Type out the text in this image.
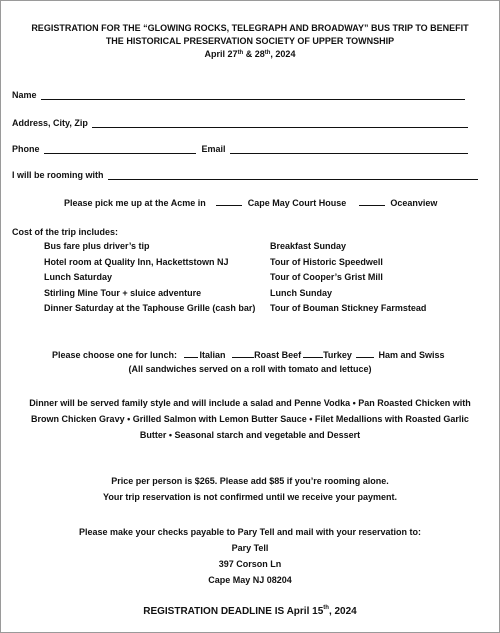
REGISTRATION FOR THE “GLOWING ROCKS, TELEGRAPH AND BROADWAY” BUS TRIP TO BENEFIT
THE HISTORICAL PRESERVATION SOCIETY OF UPPER TOWNSHIP
April 27th & 28th, 2024
Name
Address, City, Zip
Phone	Email
I will be rooming with
Please pick me up at the Acme in	Cape May Court House	Oceanview
Cost of the trip includes:
Bus fare plus driver’s tip
Hotel room at Quality Inn, Hackettstown NJ
Lunch Saturday
Stirling Mine Tour + sluice adventure
Dinner Saturday at the Taphouse Grille (cash bar)
Breakfast Sunday
Tour of Historic Speedwell
Tour of Cooper’s Grist Mill
Lunch Sunday
Tour of Bouman Stickney Farmstead
Please choose one for lunch:	Italian	Roast Beef Turkey	Ham and Swiss
(All sandwiches served on a roll with tomato and lettuce)
Dinner will be served family style and will include a salad and Penne Vodka • Pan Roasted Chicken with
Brown Chicken Gravy • Grilled Salmon with Lemon Butter Sauce • Filet Medallions with Roasted Garlic
Butter • Seasonal starch and vegetable and Dessert
Price per person is $265. Please add $85 if you’re rooming alone.
Your trip reservation is not confirmed until we receive your payment.
Please make your checks payable to Pary Tell and mail with your reservation to:
Pary Tell
397 Corson Ln
Cape May NJ 08204
REGISTRATION DEADLINE IS April 15th, 2024
